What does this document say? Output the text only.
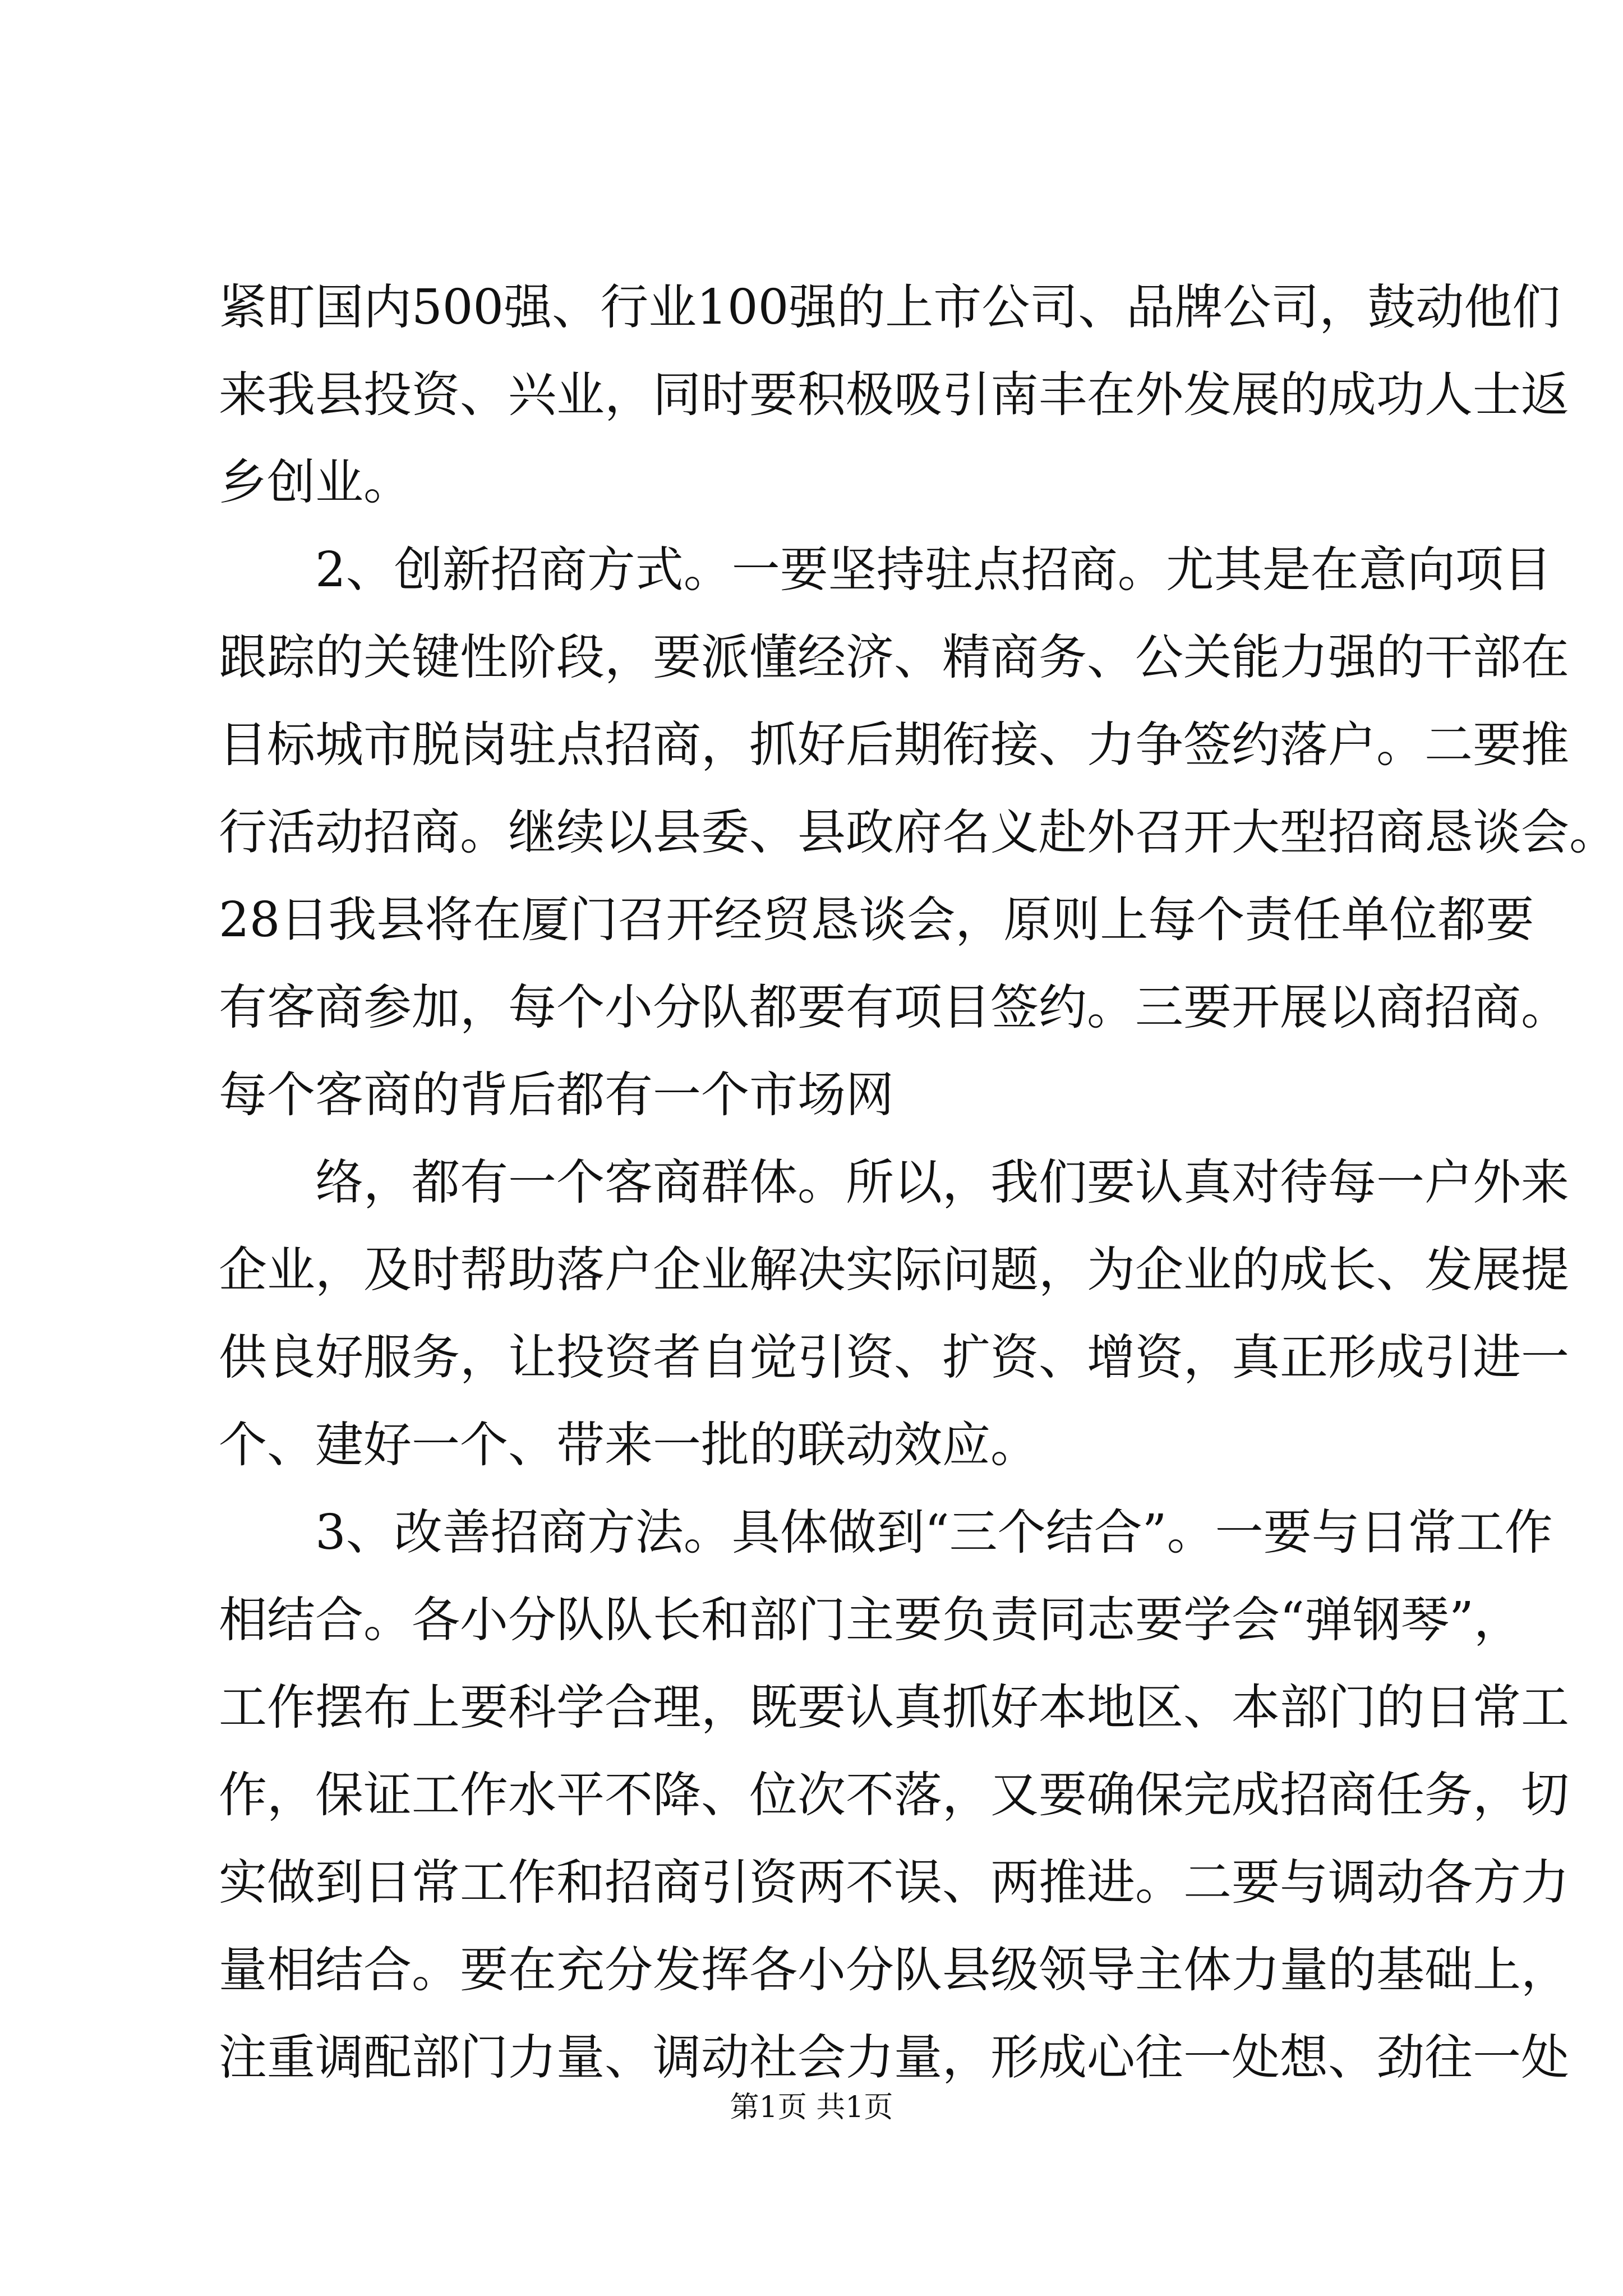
紧盯国内500强、行业100强的上市公司、品牌公司，鼓动他们
来我县投资、兴业，同时要积极吸引南丰在外发展的成功人士返
乡创业。
2、创新招商方式。一要坚持驻点招商。尤其是在意向项目
跟踪的关键性阶段，要派懂经济、精商务、公关能力强的干部在
目标城市脱岗驻点招商，抓好后期衔接、力争签约落户。二要推
行活动招商。继续以县委、县政府名义赴外召开大型招商恳谈会。
28日我县将在厦门召开经贸恳谈会，原则上每个责任单位都要
有客商参加，每个小分队都要有项目签约。三要开展以商招商。
每个客商的背后都有一个市场网
络，都有一个客商群体。所以，我们要认真对待每一户外来
企业，及时帮助落户企业解决实际问题，为企业的成长、发展提
供良好服务，让投资者自觉引资、扩资、增资，真正形成引进一
个、建好一个、带来一批的联动效应。
3、改善招商方法。具体做到“三个结合”。一要与日常工作
相结合。各小分队队长和部门主要负责同志要学会“弹钢琴”，
工作摆布上要科学合理，既要认真抓好本地区、本部门的日常工
作，保证工作水平不降、位次不落，又要确保完成招商任务，切
实做到日常工作和招商引资两不误、两推进。二要与调动各方力
量相结合。要在充分发挥各小分队县级领导主体力量的基础上，
注重调配部门力量、调动社会力量，形成心往一处想、劲往一处
第1页 共1页
